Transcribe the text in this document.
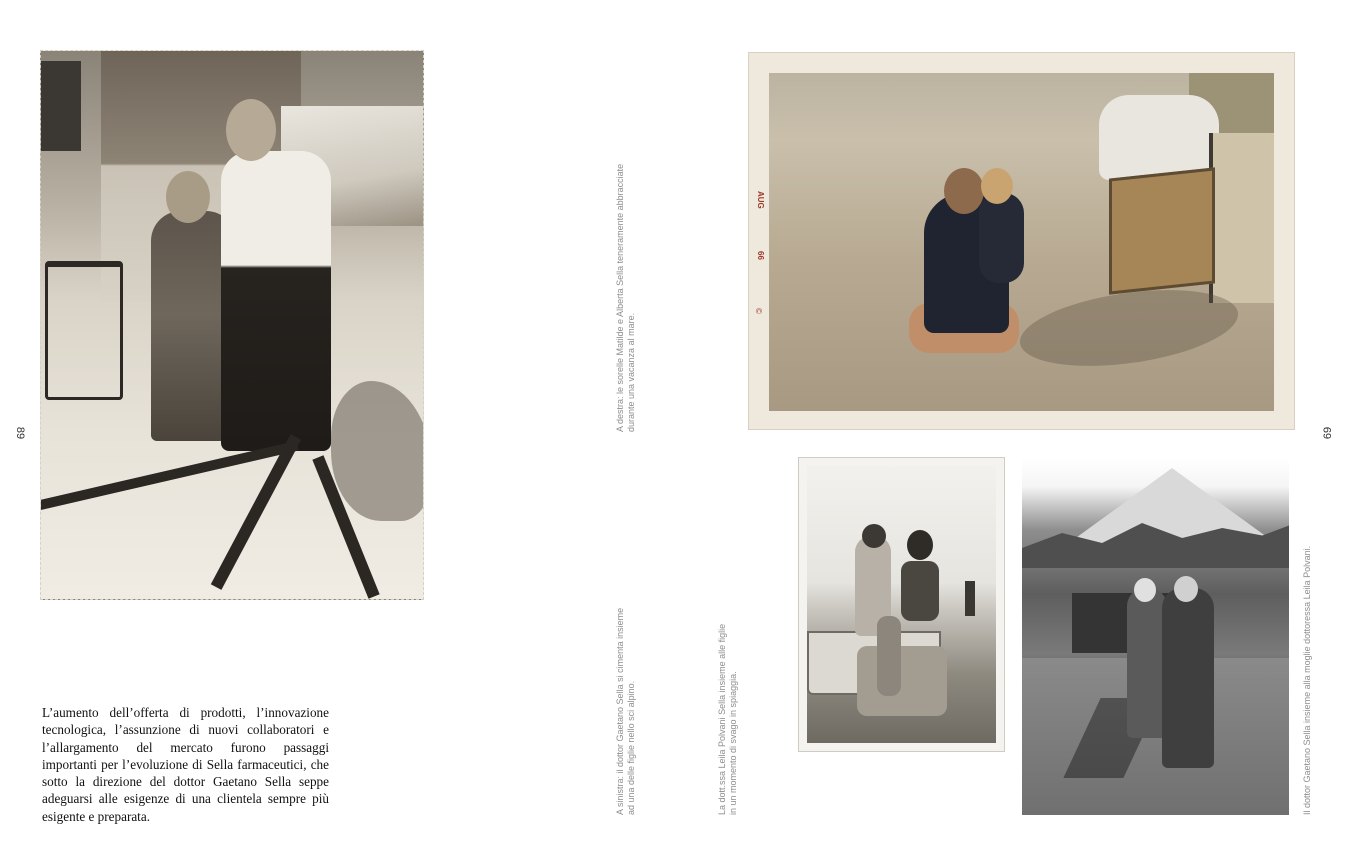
L’aumento dell’offerta di prodotti, l’innovazione tecnologica, l’assunzione di nuovi collaboratori e l’allargamento del mercato furono passaggi importanti per l’evoluzione di Sella farmaceutici, che sotto la direzione del dottor Gaetano Sella seppe adeguarsi alle esigenze di una clientela sempre più esigente e preparata.

89
A destra: le sorelle Matilde e Alberta Sella teneramente abbracciate durante una vacanza al mare.
A sinistra: il dottor Gaetano Sella si cimenta insieme ad una delle figlie nello sci alpino.
AUG
66
©
La dott.ssa Leila Polvani Sella insieme alle figlie in un momento di svago in spiaggia.	Il dottor Gaetano Sella insieme alla moglie dottoressa Leila Polvani.
69
